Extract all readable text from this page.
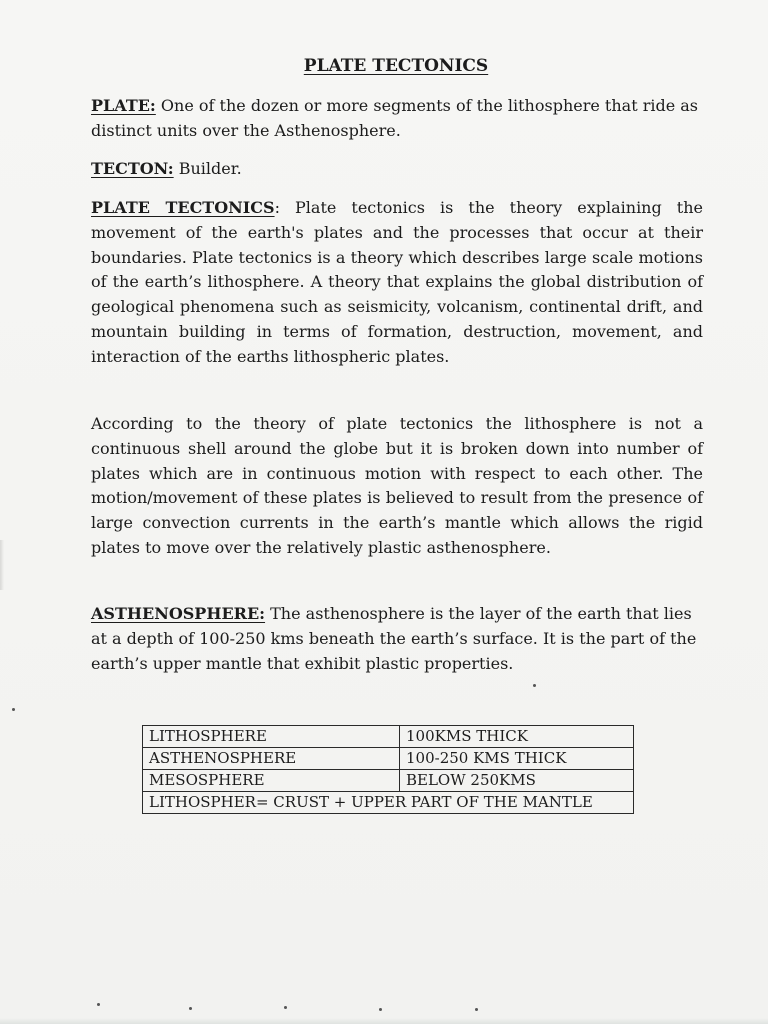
PLATE TECTONICS

PLATE: One of the dozen or more segments of the lithosphere that ride as distinct units over the Asthenosphere.

TECTON: Builder.

PLATE TECTONICS: Plate tectonics is the theory explaining the movement of the earth's plates and the processes that occur at their boundaries. Plate tectonics is a theory which describes large scale motions of the earth’s lithosphere. A theory that explains the global distribution of geological phenomena such as seismicity, volcanism, continental drift, and mountain building in terms of formation, destruction, movement, and interaction of the earths lithospheric plates.

According to the theory of plate tectonics the lithosphere is not a continuous shell around the globe but it is broken down into number of plates which are in continuous motion with respect to each other. The motion/movement of these plates is believed to result from the presence of large convection currents in the earth’s mantle which allows the rigid plates to move over the relatively plastic asthenosphere.

ASTHENOSPHERE: The asthenosphere is the layer of the earth that lies at a depth of 100-250 kms beneath the earth’s surface. It is the part of the earth’s upper mantle that exhibit plastic properties.

LITHOSPHERE	100KMS THICK
ASTHENOSPHERE	100-250 KMS THICK
MESOSPHERE	BELOW 250KMS
LITHOSPHER= CRUST + UPPER PART OF THE MANTLE	
